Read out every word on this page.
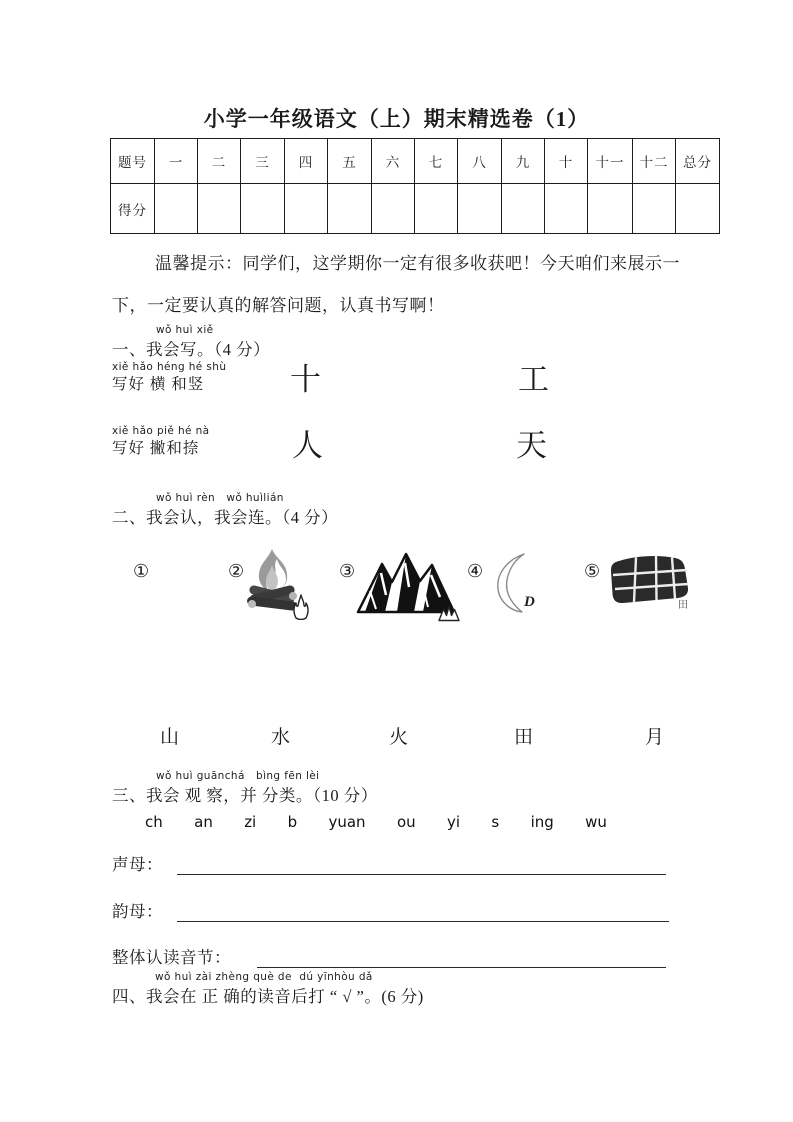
小学一年级语文（上）期末精选卷（1）
题号	一	二	三	四	五	六	七	八	九	十	十一	十二	总分
得分													
温馨提示：同学们，这学期你一定有很多收获吧！今天咱们来展示一
下，一定要认真的解答问题，认真书写啊！
wǒ huì xiě
一、我会写。（4 分）
xiě hǎo héng hé shù
写好 横 和竖	十	工
xiě hǎo piě hé nà
写好 撇和捺	人	天
wǒ huì rèn   wǒ huìlián
二、我会认，我会连。（4 分）
①	②	③	④	⑤
D	田
山	水	火	田	月
wǒ huì guānchá   bìng fēn lèi
三、我会 观 察，并 分类。（10 分）
ch an zi b yuan ou yi s ing wu
声母：
韵母：
整体认读音节：
wǒ huì zài zhèng què de  dú yīnhòu dǎ
四、我会在 正 确的读音后打 “ √ ”。(6 分)
